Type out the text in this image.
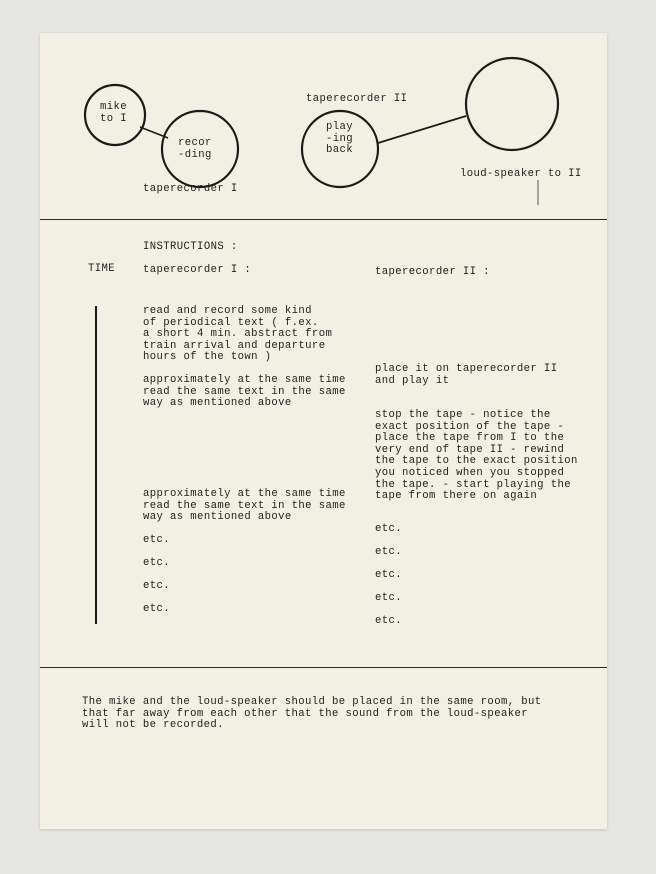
mike
to I
recor
-ding
taperecorder I
taperecorder II
play
-ing
back
loud-speaker to II
INSTRUCTIONS :
TIME	taperecorder I :	taperecorder II :
read and record some kind
of periodical text ( f.ex.
a short 4 min. abstract from
train arrival and departure
hours of the town )
approximately at the same time
read the same text in the same
way as mentioned above
approximately at the same time
read the same text in the same
way as mentioned above
etc.
etc.
etc.
etc.
place it on taperecorder II
and play it
stop the tape - notice the
exact position of the tape -
place the tape from I to the
very end of tape II - rewind
the tape to the exact position
you noticed when you stopped
the tape. - start playing the
tape from there on again
etc.
etc.
etc.
etc.
etc.
The mike and the loud-speaker should be placed in the same room, but
that far away from each other that the sound from the loud-speaker
will not be recorded.
